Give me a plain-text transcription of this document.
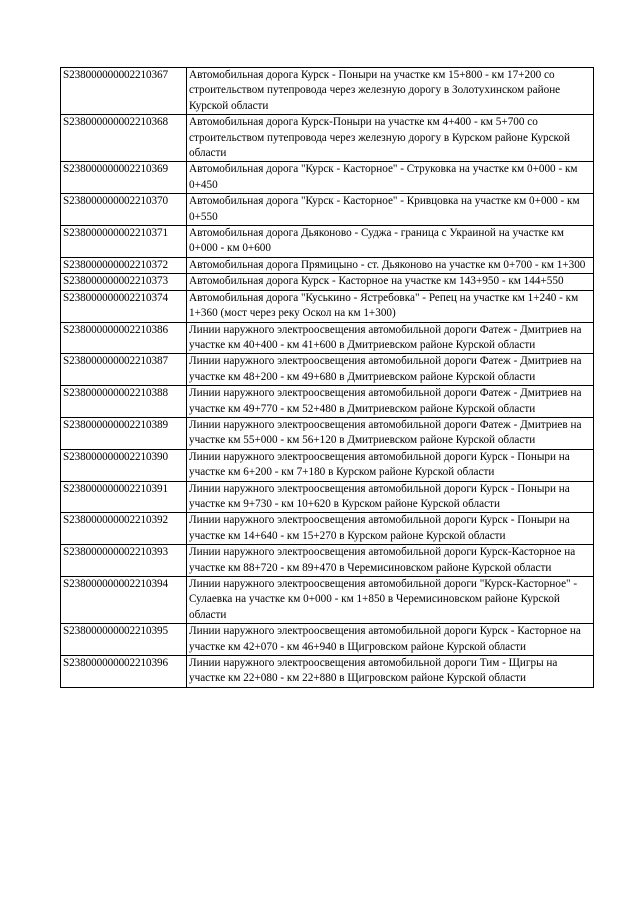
S238000000002210367	Автомобильная дорога Курск - Поныри на участке км 15+800 - км 17+200 со строительством путепровода через железную дорогу в Золотухинском районе Курской области
S238000000002210368	Автомобильная дорога Курск-Поныри на участке км 4+400 - км 5+700 со строительством путепровода через железную дорогу в Курском районе Курской области
S238000000002210369	Автомобильная дорога "Курск - Касторное" - Струковка на участке км 0+000 - км 0+450
S238000000002210370	Автомобильная дорога "Курск - Касторное" - Кривцовка на участке км 0+000 - км 0+550
S238000000002210371	Автомобильная дорога Дьяконово - Суджа - граница с Украиной на участке км 0+000 - км 0+600
S238000000002210372	Автомобильная дорога Прямицыно - ст. Дьяконово на участке км 0+700 - км 1+300
S238000000002210373	Автомобильная дорога Курск - Касторное на участке км 143+950 - км 144+550
S238000000002210374	Автомобильная дорога "Куськино - Ястребовка" - Репец на участке км 1+240 - км 1+360 (мост через реку Оскол на км 1+300)
S238000000002210386	Линии наружного электроосвещения автомобильной дороги Фатеж - Дмитриев на участке км 40+400 - км 41+600 в Дмитриевском районе Курской области
S238000000002210387	Линии наружного электроосвещения автомобильной дороги Фатеж - Дмитриев на участке км 48+200 - км 49+680 в Дмитриевском районе Курской области
S238000000002210388	Линии наружного электроосвещения автомобильной дороги Фатеж - Дмитриев на участке км 49+770 - км 52+480 в Дмитриевском районе Курской области
S238000000002210389	Линии наружного электроосвещения автомобильной дороги Фатеж - Дмитриев на участке км 55+000 - км 56+120 в Дмитриевском районе Курской области
S238000000002210390	Линии наружного электроосвещения автомобильной дороги Курск - Поныри на участке км 6+200 - км 7+180 в Курском районе Курской области
S238000000002210391	Линии наружного электроосвещения автомобильной дороги Курск - Поныри на участке км 9+730 - км 10+620 в Курском районе Курской области
S238000000002210392	Линии наружного электроосвещения автомобильной дороги Курск - Поныри на участке км 14+640 - км 15+270 в Курском районе Курской области
S238000000002210393	Линии наружного электроосвещения автомобильной дороги Курск-Касторное на участке км 88+720 - км 89+470 в Черемисиновском районе Курской области
S238000000002210394	Линии наружного электроосвещения автомобильной дороги "Курск-Касторное" - Сулаевка на участке км 0+000 - км 1+850 в Черемисиновском районе Курской области
S238000000002210395	Линии наружного электроосвещения автомобильной дороги Курск - Касторное на участке км 42+070 - км 46+940 в Щигровском районе Курской области
S238000000002210396	Линии наружного электроосвещения автомобильной дороги Тим - Щигры на участке км 22+080 - км 22+880 в Щигровском районе Курской области
